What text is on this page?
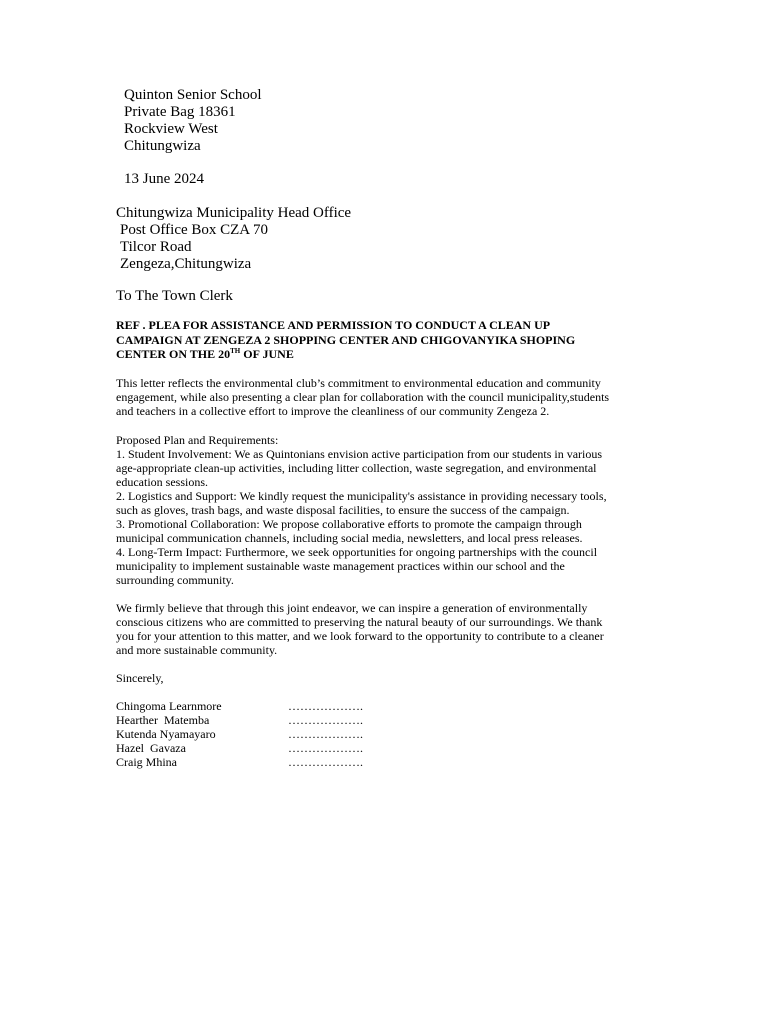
Quinton Senior School
Private Bag 18361
Rockview West
Chitungwiza
13 June 2024
Chitungwiza Municipality Head Office
Post Office Box CZA 70
Tilcor Road
Zengeza,Chitungwiza
To The Town Clerk
REF . PLEA FOR ASSISTANCE AND PERMISSION TO CONDUCT A CLEAN UP
CAMPAIGN AT ZENGEZA 2 SHOPPING CENTER AND CHIGOVANYIKA SHOPING
CENTER ON THE 20TH OF JUNE
This letter reflects the environmental club’s commitment to environmental education and community
engagement, while also presenting a clear plan for collaboration with the council municipality,students
and teachers in a collective effort to improve the cleanliness of our community Zengeza 2.
Proposed Plan and Requirements:
1. Student Involvement: We as Quintonians envision active participation from our students in various
age-appropriate clean-up activities, including litter collection, waste segregation, and environmental
education sessions.
2. Logistics and Support: We kindly request the municipality's assistance in providing necessary tools,
such as gloves, trash bags, and waste disposal facilities, to ensure the success of the campaign.
3. Promotional Collaboration: We propose collaborative efforts to promote the campaign through
municipal communication channels, including social media, newsletters, and local press releases.
4. Long-Term Impact: Furthermore, we seek opportunities for ongoing partnerships with the council
municipality to implement sustainable waste management practices within our school and the
surrounding community.
We firmly believe that through this joint endeavor, we can inspire a generation of environmentally
conscious citizens who are committed to preserving the natural beauty of our surroundings. We thank
you for your attention to this matter, and we look forward to the opportunity to contribute to a cleaner
and more sustainable community.
Sincerely,
Chingoma Learnmore	……………….
Hearther  Matemba	……………….
Kutenda Nyamayaro	……………….
Hazel  Gavaza	……………….
Craig Mhina	……………….
